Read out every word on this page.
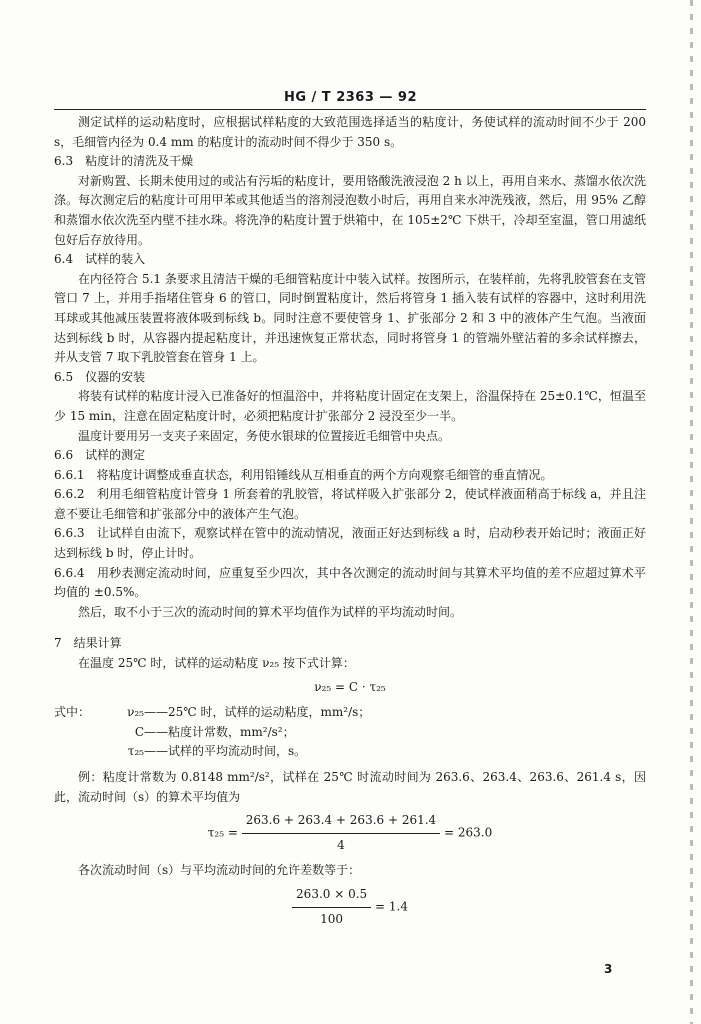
HG / T 2363 — 92

测定试样的运动粘度时，应根据试样粘度的大致范围选择适当的粘度计，务使试样的流动时间不少于 200 s，毛细管内径为 0.4 mm 的粘度计的流动时间不得少于 350 s。

6.3　粘度计的清洗及干燥

对新购置、长期未使用过的或沾有污垢的粘度计，要用铬酸洗液浸泡 2 h 以上，再用自来水、蒸馏水依次洗涤。每次测定后的粘度计可用甲苯或其他适当的溶剂浸泡数小时后，再用自来水冲洗残液，然后，用 95% 乙醇和蒸馏水依次洗至内壁不挂水珠。将洗净的粘度计置于烘箱中，在 105±2℃ 下烘干，冷却至室温，管口用滤纸包好后存放待用。

6.4　试样的装入

在内径符合 5.1 条要求且清洁干燥的毛细管粘度计中装入试样。按图所示，在装样前，先将乳胶管套在支管管口 7 上，并用手指堵住管身 6 的管口，同时倒置粘度计，然后将管身 1 插入装有试样的容器中，这时利用洗耳球或其他减压装置将液体吸到标线 b。同时注意不要使管身 1、扩张部分 2 和 3 中的液体产生气泡。当液面达到标线 b 时，从容器内提起粘度计，并迅速恢复正常状态，同时将管身 1 的管端外壁沾着的多余试样擦去，并从支管 7 取下乳胶管套在管身 1 上。

6.5　仪器的安装

将装有试样的粘度计浸入已准备好的恒温浴中，并将粘度计固定在支架上，浴温保持在 25±0.1℃，恒温至少 15 min，注意在固定粘度计时，必须把粘度计扩张部分 2 浸没至少一半。

温度计要用另一支夹子来固定，务使水银球的位置接近毛细管中央点。

6.6　试样的测定

6.6.1　将粘度计调整成垂直状态，利用铅锤线从互相垂直的两个方向观察毛细管的垂直情况。

6.6.2　利用毛细管粘度计管身 1 所套着的乳胶管，将试样吸入扩张部分 2，使试样液面稍高于标线 a，并且注意不要让毛细管和扩张部分中的液体产生气泡。

6.6.3　让试样自由流下，观察试样在管中的流动情况，液面正好达到标线 a 时，启动秒表开始记时；液面正好达到标线 b 时，停止计时。

6.6.4　用秒表测定流动时间，应重复至少四次，其中各次测定的流动时间与其算术平均值的差不应超过算术平均值的 ±0.5%。

然后，取不小于三次的流动时间的算术平均值作为试样的平均流动时间。

7　结果计算

在温度 25℃ 时，试样的运动粘度 ν₂₅ 按下式计算：

ν₂₅ = C · τ₂₅
式中：	ν₂₅ ——25℃ 时，试样的运动粘度，mm²/s；
C ——粘度计常数，mm²/s²；
τ₂₅ ——试样的平均流动时间，s。

例：粘度计常数为 0.8148 mm²/s²，试样在 25℃ 时流动时间为 263.6、263.4、263.6、261.4 s，因此，流动时间（s）的算术平均值为

$\tau_{25} = \frac{263.6 + 263.4 + 263.6 + 261.4}{4} = 263.0$

各次流动时间（s）与平均流动时间的允许差数等于：

$\frac{263.0 \times 0.5}{100} = 1.4$
3
